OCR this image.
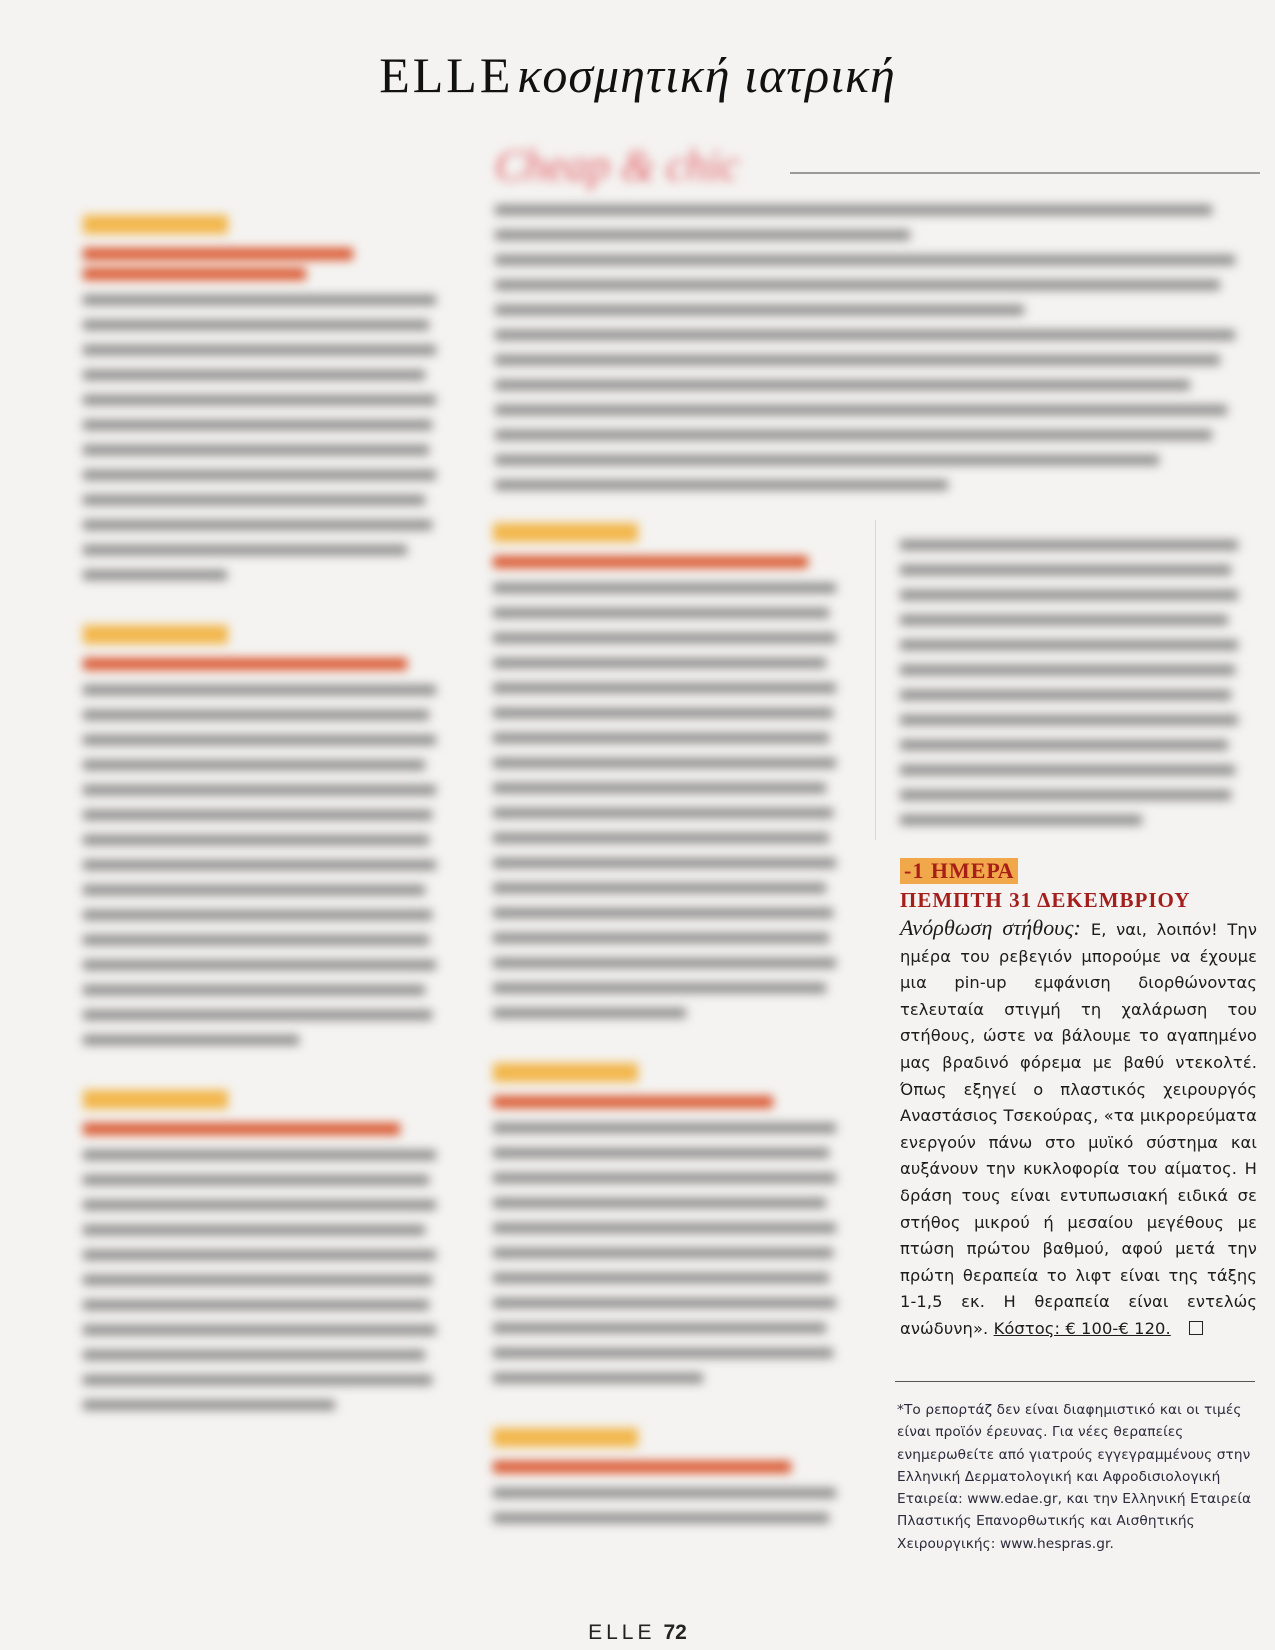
ELLEκοσμητική ιατρική
Cheap & chic
-1 ΗΜΕΡΑ
ΠΕΜΠΤΗ 31 ΔΕΚΕΜΒΡΙΟΥ
Ανόρθωση στήθους: Ε, ναι, λοιπόν! Την ημέρα του ρεβεγιόν μπορούμε να έχουμε μια pin-up εμφάνιση διορθώνοντας τελευταία στιγμή τη χαλάρωση του στήθους, ώστε να βάλουμε το αγαπημένο μας βραδινό φόρεμα με βαθύ ντεκολτέ. Όπως εξηγεί ο πλαστικός χειρουργός Αναστάσιος Τσεκούρας, «τα μικρορεύματα ενεργούν πάνω στο μυϊκό σύστημα και αυξάνουν την κυκλοφορία του αίματος. Η δράση τους είναι εντυπωσιακή ειδικά σε στήθος μικρού ή μεσαίου μεγέθους με πτώση πρώτου βαθμού, αφού μετά την πρώτη θεραπεία το λιφτ είναι της τάξης 1-1,5 εκ. Η θεραπεία είναι εντελώς ανώδυνη». Κόστος: € 100-€ 120.
*Το ρεπορτάζ δεν είναι διαφημιστικό και οι τιμές είναι προϊόν έρευνας. Για νέες θεραπείες ενημερωθείτε από γιατρούς εγγεγραμμένους στην Ελληνική Δερματολογική και Αφροδισιολογική Εταιρεία: www.edae.gr, και την Ελληνική Εταιρεία Πλαστικής Επανορθωτικής και Αισθητικής Χειρουργικής: www.hespras.gr.
ELLE 72
